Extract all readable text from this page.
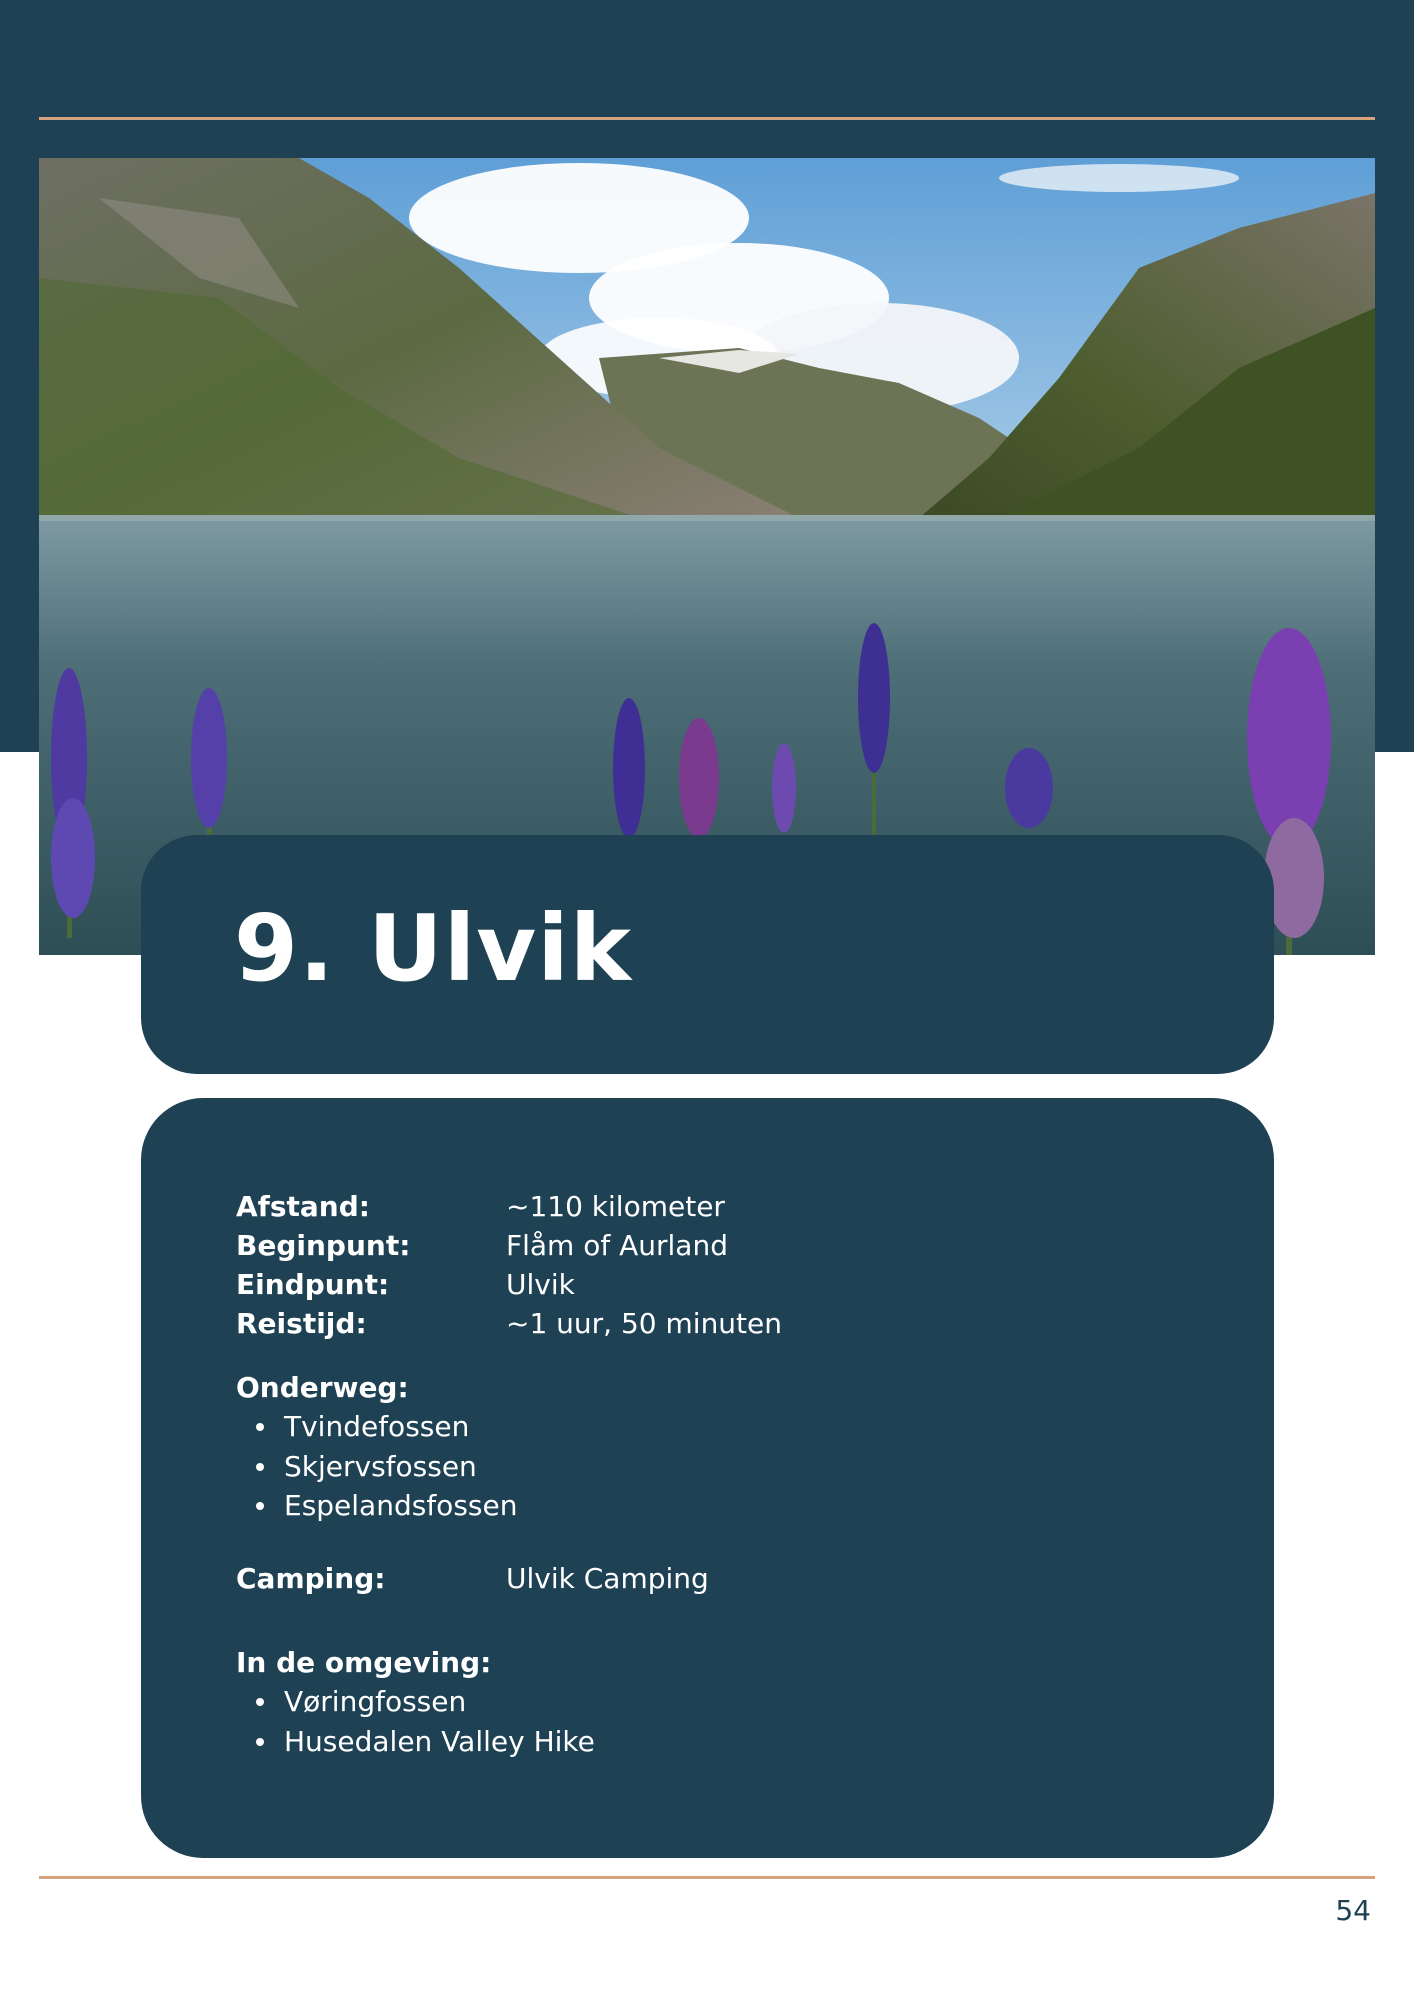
9. Ulvik
Afstand:	~110 kilometer
Beginpunt:	Flåm of Aurland
Eindpunt:	Ulvik
Reistijd:	~1 uur, 50 minuten
Onderweg:
Tvindefossen
Skjervsfossen
Espelandsfossen
Camping:	Ulvik Camping
In de omgeving:
Vøringfossen
Husedalen Valley Hike
54
